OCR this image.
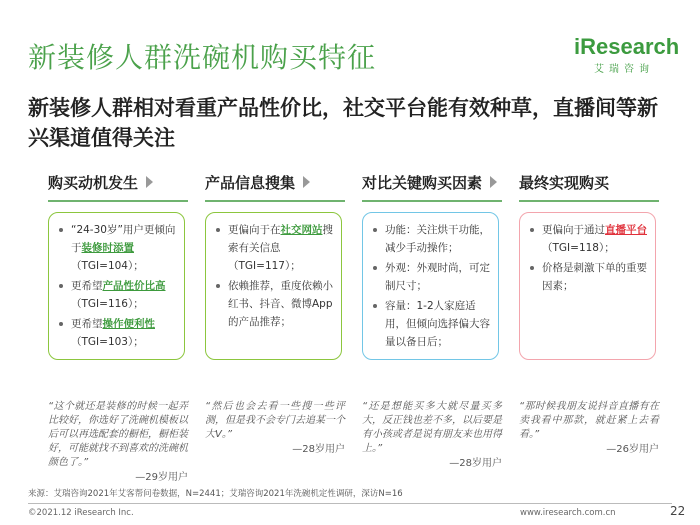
新装修人群洗碗机购买特征	iResearch
艾瑞咨询
新装修人群相对看重产品性价比，社交平台能有效种草，直播间等新兴渠道值得关注
购买动机发生
“24-30岁”用户更倾向于装修时添置（TGI=104）；
更希望产品性价比高（TGI=116）；
更希望操作便利性（TGI=103）；
“这个就还是装修的时候一起弄比较好，你选好了洗碗机模板以后可以再选配套的橱柜，橱柜装好，可能就找不到喜欢的洗碗机颜色了。”
—29岁用户
产品信息搜集
更偏向于在社交网站搜索有关信息（TGI=117）；
依赖推荐，重度依赖小红书、抖音、微博App的产品推荐；
“然后也会去看一些搜一些评测，但是我不会专门去追某一个大V。”
—28岁用户
对比关键购买因素
功能：关注烘干功能，减少手动操作；
外观：外观时尚，可定制尺寸；
容量：1-2人家庭适用，但倾向选择偏大容量以备日后；
“还是想能买多大就尽量买多大，反正钱也差不多，以后要是有小孩或者是说有朋友来也用得上。”
—28岁用户
最终实现购买
更偏向于通过直播平台（TGI=118）；
价格是刺激下单的重要因素；
“那时候我朋友说抖音直播有在卖我看中那款，就赶紧上去看看。”
—26岁用户
来源：艾瑞咨询2021年艾客帮问卷数据，N=2441；艾瑞咨询2021年洗碗机定性调研，深访N=16
©2021.12 iResearch Inc.	www.iresearch.com.cn	22
